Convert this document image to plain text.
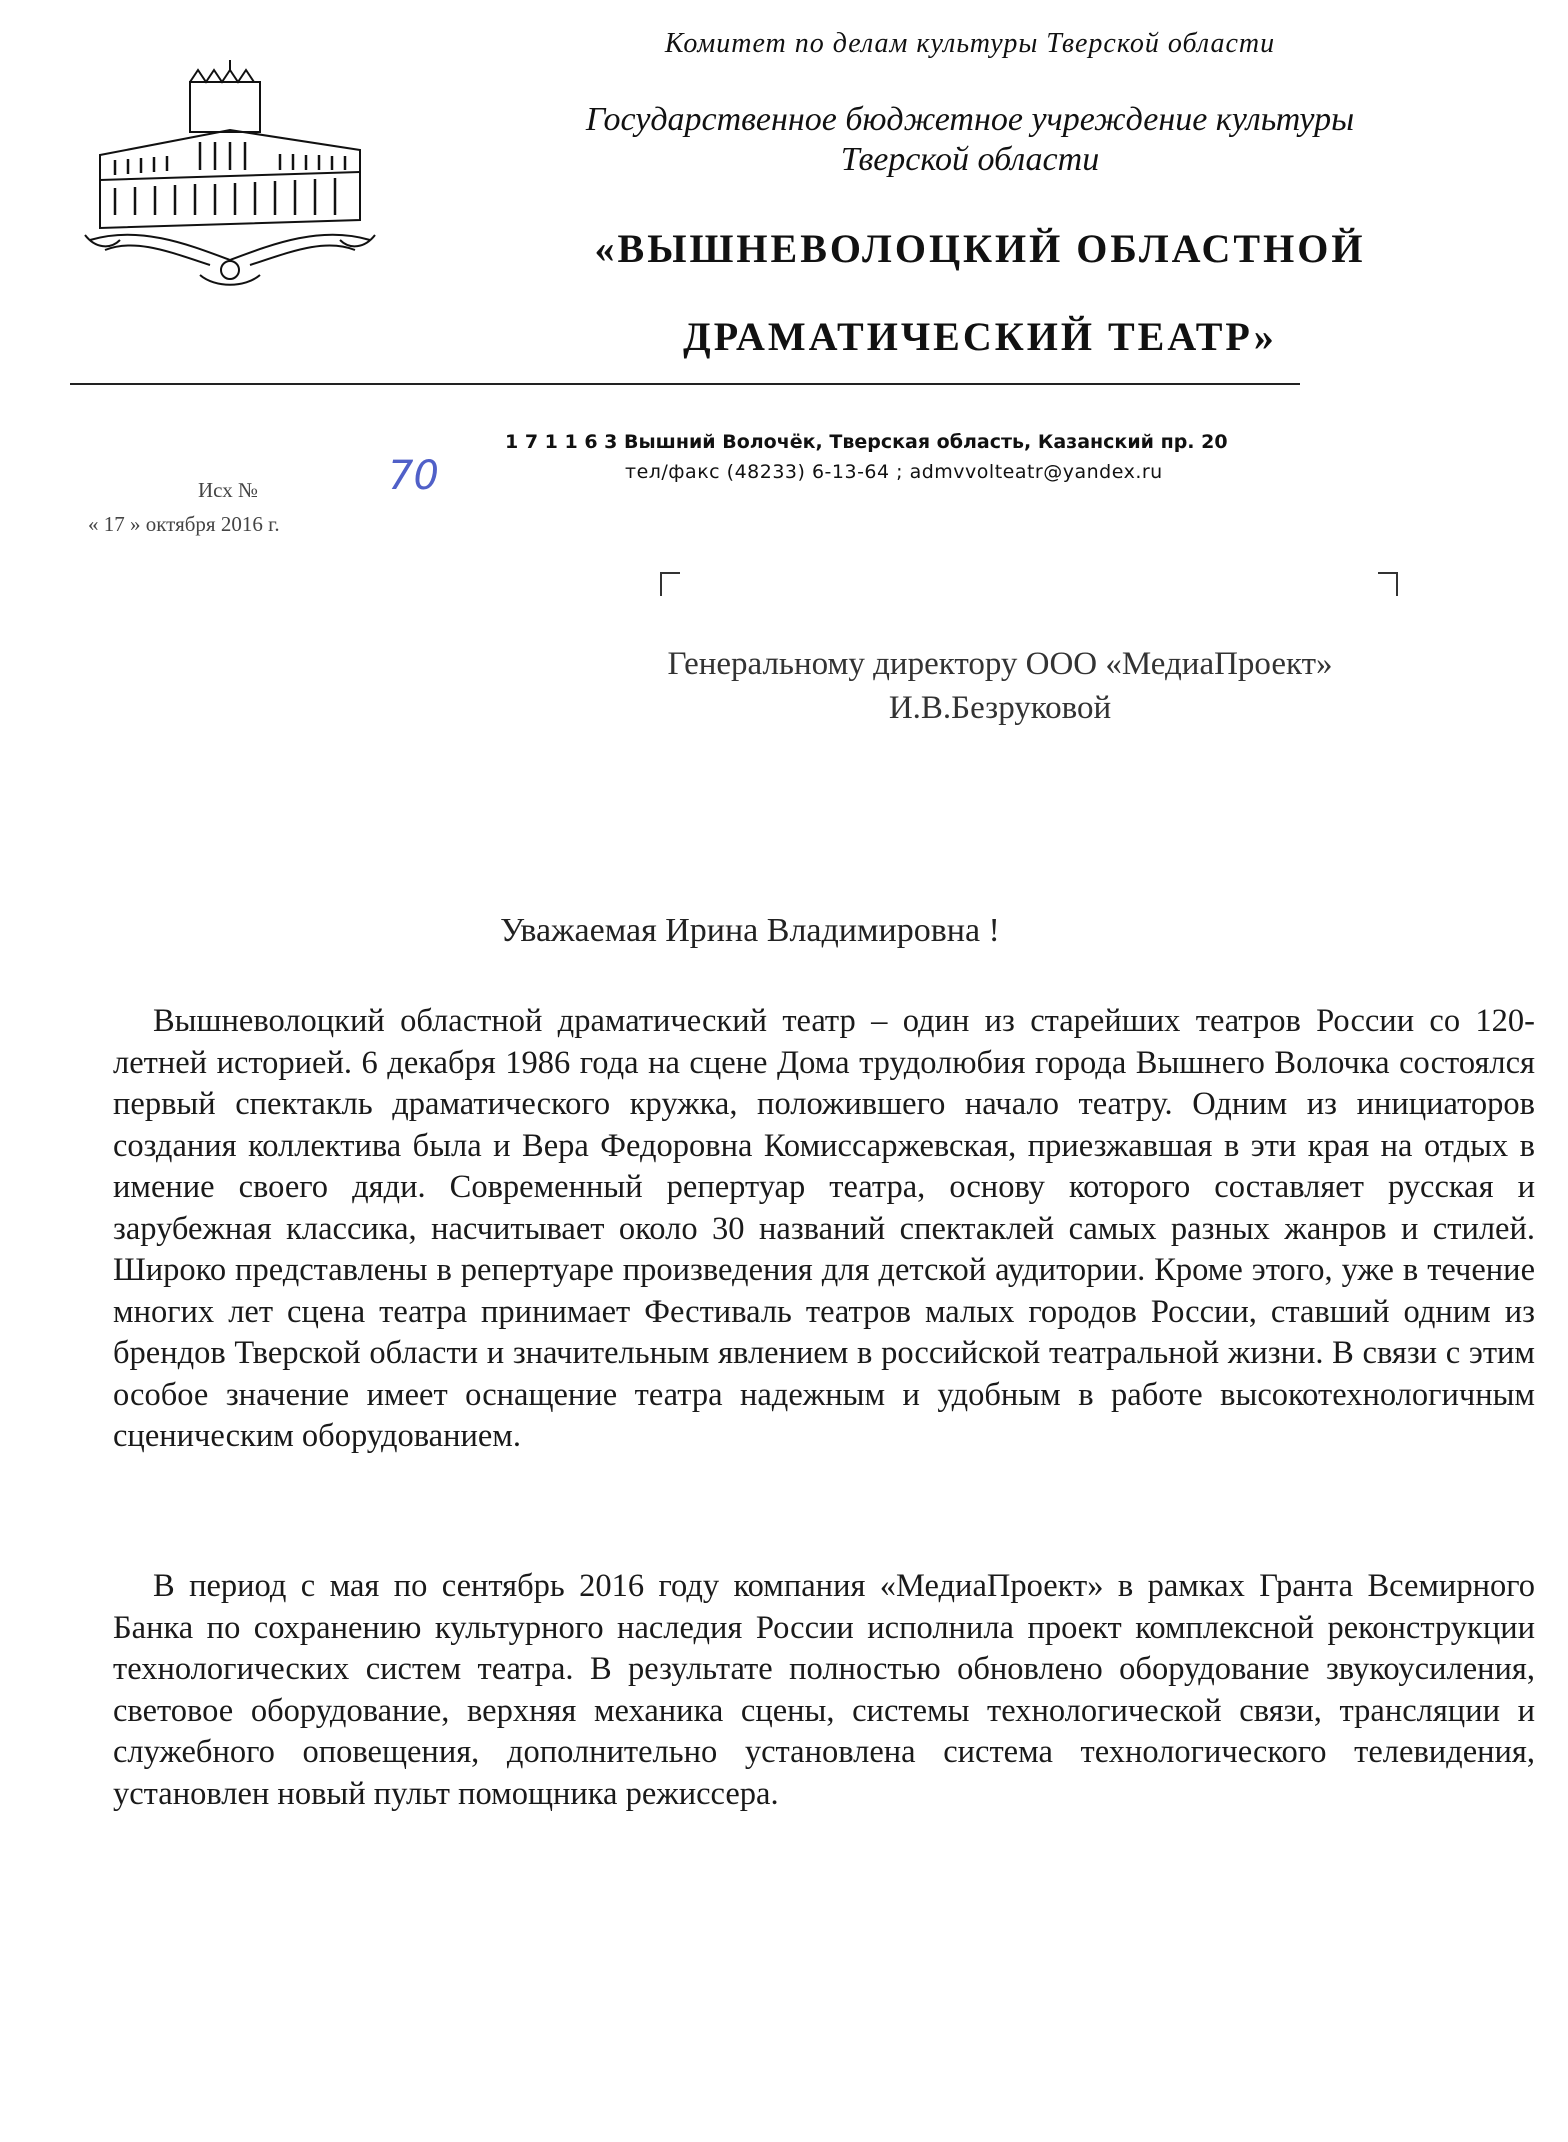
Комитет по делам культуры Тверской области
Государственное бюджетное учреждение культуры
Тверской области
«ВЫШНЕВОЛОЦКИЙ ОБЛАСТНОЙ
ДРАМАТИЧЕСКИЙ ТЕАТР»
1 7 1 1 6 3 Вышний Волочёк, Тверская область, Казанский пр. 20
тел/факс (48233) 6-13-64 ; admvvolteatr@yandex.ru
Исх №	70
« 17 » октября 2016 г.
Генеральному директору ООО «МедиаПроект»
И.В.Безруковой
Уважаемая Ирина Владимировна !
Вышневолоцкий областной драматический театр – один из старейших театров России со 120-летней историей. 6 декабря 1986 года на сцене Дома трудолюбия города Вышнего Волочка состоялся первый спектакль драматического кружка, положившего начало театру. Одним из инициаторов создания коллектива была и Вера Федоровна Комиссаржевская, приезжавшая в эти края на отдых в имение своего дяди. Современный репертуар театра, основу которого составляет русская и зарубежная классика, насчитывает около 30 названий спектаклей самых разных жанров и стилей. Широко представлены в репертуаре произведения для детской аудитории. Кроме этого, уже в течение многих лет сцена театра принимает Фестиваль театров малых городов России, ставший одним из брендов Тверской области и значительным явлением в российской театральной жизни. В связи с этим особое значение имеет оснащение театра надежным и удобным в работе высокотехнологичным сценическим оборудованием.
В период с мая по сентябрь 2016 году компания «МедиаПроект» в рамках Гранта Всемирного Банка по сохранению культурного наследия России исполнила проект комплексной реконструкции технологических систем театра. В результате полностью обновлено оборудование звукоусиления, световое оборудование, верхняя механика сцены, системы технологической связи, трансляции и служебного оповещения, дополнительно установлена система технологического телевидения, установлен новый пульт помощника режиссера.
